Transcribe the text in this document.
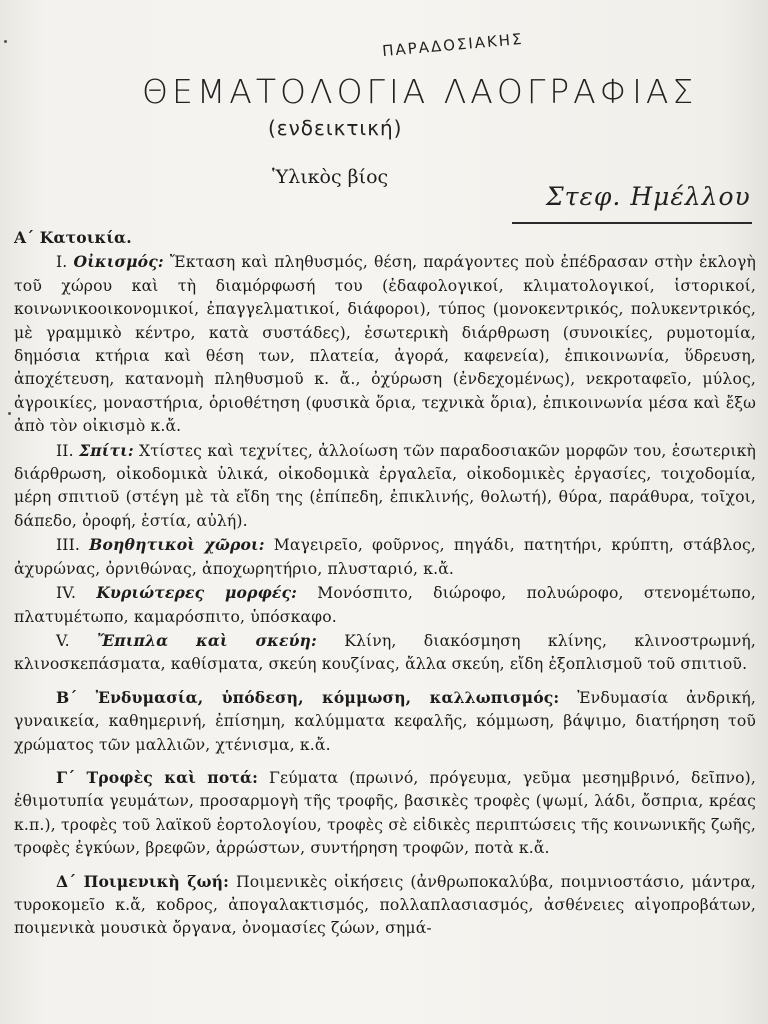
ΠΑΡΑΔΟΣΙΑΚΗΣ
ΘΕΜΑΤΟΛΟΓΙΑ ΛΑΟΓΡΑΦΙΑΣ
(ενδεικτική)
Στεφ. Ημέλλου
Ὑλικὸς βίος

Α΄ Κατοικία.

Ι. Οἰκισμός: Ἔκταση καὶ πληθυσμός, θέση, παράγοντες ποὺ ἐπέδρασαν στὴν ἐκλογὴ τοῦ χώρου καὶ τὴ διαμόρφωσή του (ἐδαφολογικοί, κλιματολογικοί, ἱστορικοί, κοινωνικοοικονομικοί, ἐπαγγελματικοί, διάφοροι), τύπος (μονοκεντρικός, πολυκεντρικός, μὲ γραμμικὸ κέντρο, κατὰ συστάδες), ἐσωτερικὴ διάρθρωση (συνοικίες, ρυμοτομία, δημόσια κτήρια καὶ θέση των, πλατεία, ἀγορά, καφενεία), ἐπικοινωνία, ὕδρευση, ἀποχέτευση, κατανομὴ πληθυσμοῦ κ. ἄ., ὀχύρωση (ἐνδεχομένως), νεκροταφεῖο, μύλος, ἀγροικίες, μοναστήρια, ὁριοθέτηση (φυσικὰ ὅρια, τεχνικὰ ὅρια), ἐπικοινωνία μέσα καὶ ἔξω ἀπὸ τὸν οἰκισμὸ κ.ἄ.

ΙΙ. Σπίτι: Χτίστες καὶ τεχνίτες, ἀλλοίωση τῶν παραδοσιακῶν μορφῶν του, ἐσωτερικὴ διάρθρωση, οἰκοδομικὰ ὑλικά, οἰκοδομικὰ ἐργαλεῖα, οἰκοδομικὲς ἐργασίες, τοιχοδομία, μέρη σπιτιοῦ (στέγη μὲ τὰ εἴδη της (ἐπίπεδη, ἐπικλινής, θολωτή), θύρα, παράθυρα, τοῖχοι, δάπεδο, ὀροφή, ἑστία, αὐλή).

ΙΙΙ. Βοηθητικοὶ χῶροι: Μαγειρεῖο, φοῦρνος, πηγάδι, πατητήρι, κρύπτη, στάβλος, ἀχυρώνας, ὀρνιθώνας, ἀποχωρητήριο, πλυσταριό, κ.ἄ.

IV. Κυριώτερες μορφές: Μονόσπιτο, διώροφο, πολυώροφο, στενομέτωπο, πλατυμέτωπο, καμαρόσπιτο, ὑπόσκαφο.

V. Ἔπιπλα καὶ σκεύη: Κλίνη, διακόσμηση κλίνης, κλινοστρωμνή, κλινοσκεπάσματα, καθίσματα, σκεύη κουζίνας, ἄλλα σκεύη, εἴδη ἐξοπλισμοῦ τοῦ σπιτιοῦ.

Β΄ Ἐνδυμασία, ὑπόδεση, κόμμωση, καλλωπισμός: Ἐνδυμασία ἀνδρική, γυναικεία, καθημερινή, ἐπίσημη, καλύμματα κεφαλῆς, κόμμωση, βάψιμο, διατήρηση τοῦ χρώματος τῶν μαλλιῶν, χτένισμα, κ.ἄ.

Γ΄ Τροφὲς καὶ ποτά: Γεύματα (πρωινό, πρόγευμα, γεῦμα μεσημβρινό, δεῖπνο), ἐθιμοτυπία γευμάτων, προσαρμογὴ τῆς τροφῆς, βασικὲς τροφὲς (ψωμί, λάδι, ὄσπρια, κρέας κ.π.), τροφὲς τοῦ λαϊκοῦ ἑορτολογίου, τροφὲς σὲ εἰδικὲς περιπτώσεις τῆς κοινωνικῆς ζωῆς, τροφὲς ἐγκύων, βρεφῶν, ἀρρώστων, συντήρηση τροφῶν, ποτὰ κ.ἄ.

Δ΄ Ποιμενικὴ ζωή: Ποιμενικὲς οἰκήσεις (ἀνθρωποκαλύβα, ποιμνιοστάσιο, μάντρα, τυροκομεῖο κ.ἄ, κοδρος, ἀπογαλακτισμός, πολλαπλασιασμός, ἀσθένειες αἰγοπροβάτων, ποιμενικὰ μουσικὰ ὄργανα, ὀνομασίες ζώων, σημά-
